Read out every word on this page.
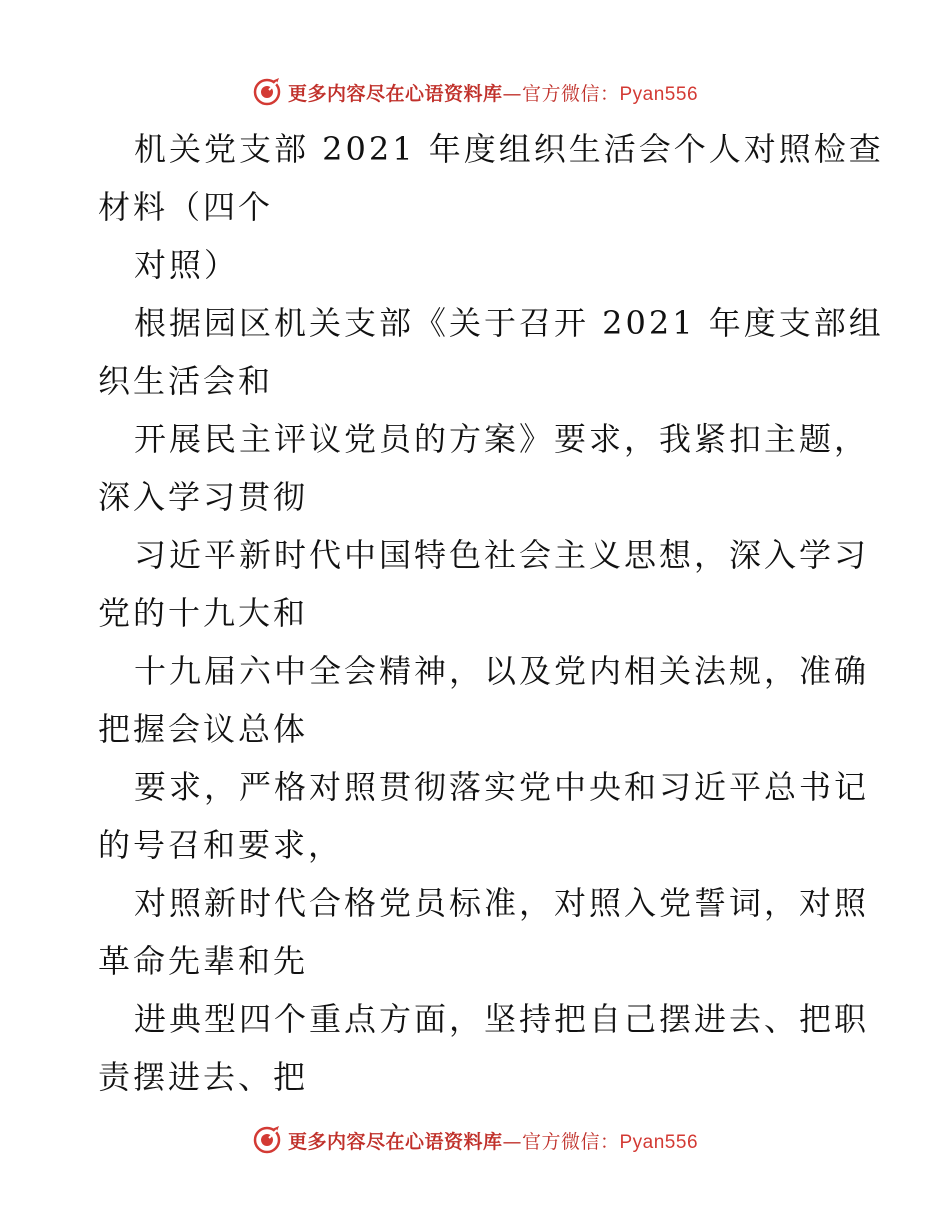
更多内容尽在心语资料库—官方微信：Pyan556
机关党支部 2021 年度组织生活会个人对照检查
材料（四个
对照）
根据园区机关支部《关于召开 2021 年度支部组
织生活会和
开展民主评议党员的方案》要求，我紧扣主题，
深入学习贯彻
习近平新时代中国特色社会主义思想，深入学习
党的十九大和
十九届六中全会精神，以及党内相关法规，准确
把握会议总体
要求，严格对照贯彻落实党中央和习近平总书记
的号召和要求，
对照新时代合格党员标准，对照入党誓词，对照
革命先辈和先
进典型四个重点方面，坚持把自己摆进去、把职
责摆进去、把
更多内容尽在心语资料库—官方微信：Pyan556
